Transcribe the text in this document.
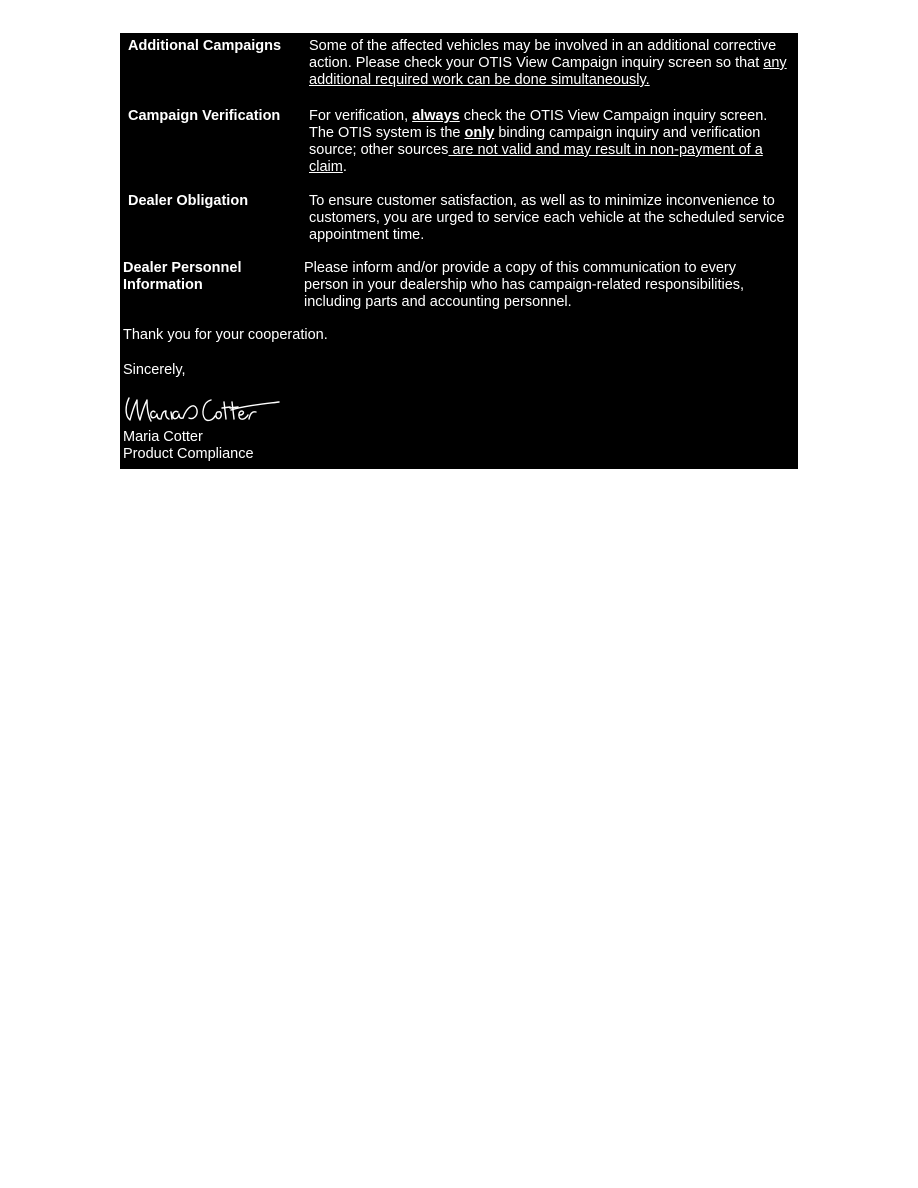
Additional Campaigns Some of the affected vehicles may be involved in an additional corrective action. Please check your OTIS View Campaign inquiry screen so that any additional required work can be done simultaneously.
Campaign Verification For verification, always check the OTIS View Campaign inquiry screen. The OTIS system is the only binding campaign inquiry and verification source; other sources are not valid and may result in non-payment of a claim.
Dealer Obligation	To ensure customer satisfaction, as well as to minimize inconvenience to customers, you are urged to service each vehicle at the scheduled service appointment time.
Dealer Personnel
Information
Please inform and/or provide a copy of this communication to every person in your dealership who has campaign-related responsibilities, including parts and accounting personnel.
Thank you for your cooperation.
Sincerely,
Maria Cotter
Product Compliance
